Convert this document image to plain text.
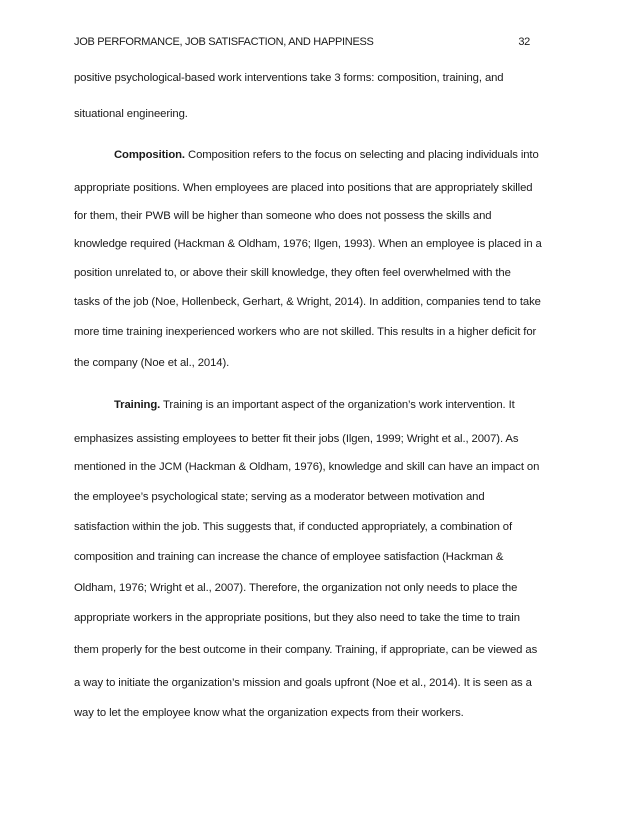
JOB PERFORMANCE, JOB SATISFACTION, AND HAPPINESS	32
positive psychological-based work interventions take 3 forms: composition, training, and
situational engineering.
Composition. Composition refers to the focus on selecting and placing individuals into
appropriate positions. When employees are placed into positions that are appropriately skilled
for them, their PWB will be higher than someone who does not possess the skills and
knowledge required (Hackman & Oldham, 1976; Ilgen, 1993). When an employee is placed in a
position unrelated to, or above their skill knowledge, they often feel overwhelmed with the
tasks of the job (Noe, Hollenbeck, Gerhart, & Wright, 2014). In addition, companies tend to take
more time training inexperienced workers who are not skilled. This results in a higher deficit for
the company (Noe et al., 2014).
Training. Training is an important aspect of the organization’s work intervention. It
emphasizes assisting employees to better fit their jobs (Ilgen, 1999; Wright et al., 2007). As
mentioned in the JCM (Hackman & Oldham, 1976), knowledge and skill can have an impact on
the employee’s psychological state; serving as a moderator between motivation and
satisfaction within the job. This suggests that, if conducted appropriately, a combination of
composition and training can increase the chance of employee satisfaction (Hackman &
Oldham, 1976; Wright et al., 2007). Therefore, the organization not only needs to place the
appropriate workers in the appropriate positions, but they also need to take the time to train
them properly for the best outcome in their company. Training, if appropriate, can be viewed as
a way to initiate the organization’s mission and goals upfront (Noe et al., 2014). It is seen as a
way to let the employee know what the organization expects from their workers.
